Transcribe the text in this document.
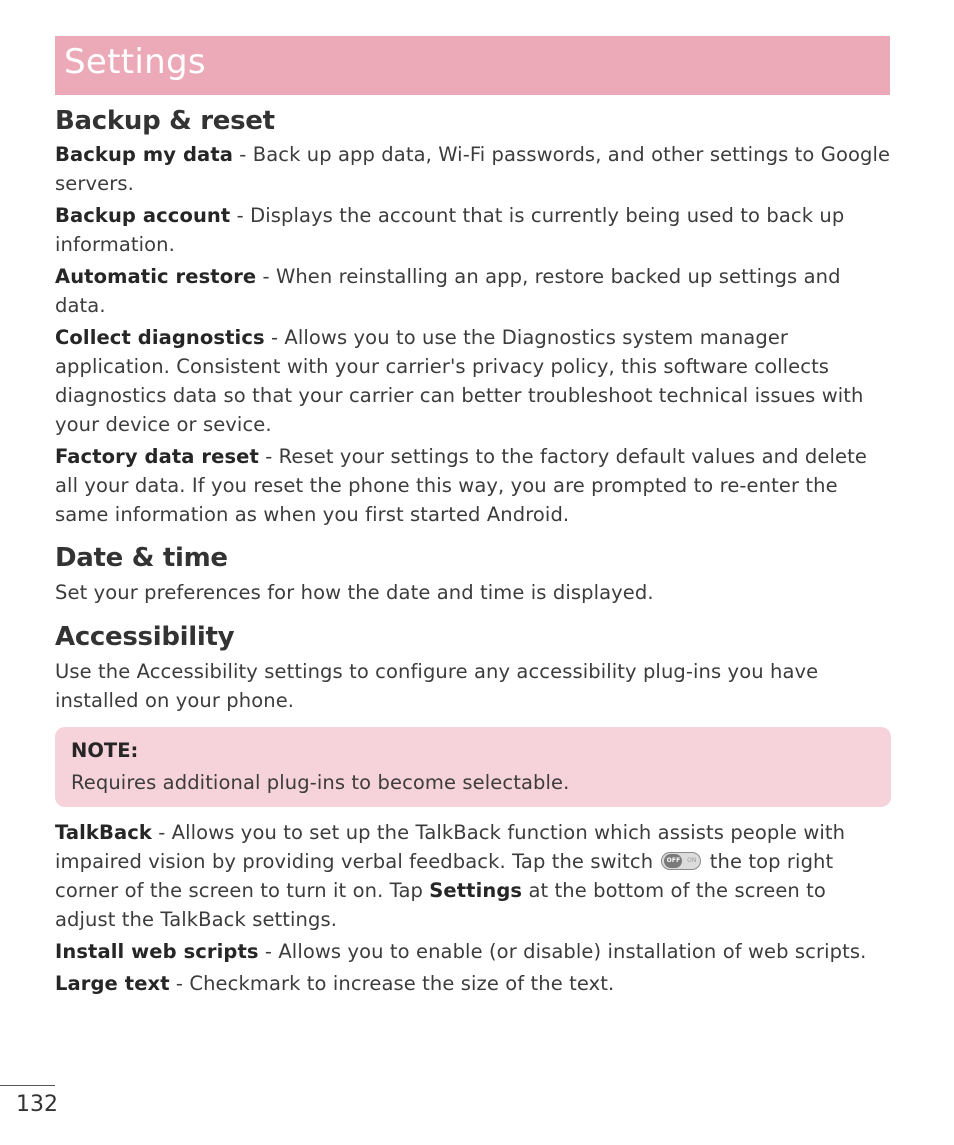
Settings
Backup & reset

Backup my data - Back up app data, Wi-Fi passwords, and other settings to Google servers.

Backup account - Displays the account that is currently being used to back up information.

Automatic restore - When reinstalling an app, restore backed up settings and data.

Collect diagnostics - Allows you to use the Diagnostics system manager application. Consistent with your carrier's privacy policy, this software collects diagnostics data so that your carrier can better troubleshoot technical issues with your device or sevice.

Factory data reset - Reset your settings to the factory default values and delete all your data. If you reset the phone this way, you are prompted to re-enter the same information as when you first started Android.

Date & time

Set your preferences for how the date and time is displayed.

Accessibility

Use the Accessibility settings to configure any accessibility plug-ins you have installed on your phone.

NOTE:
Requires additional plug-ins to become selectable.

TalkBack - Allows you to set up the TalkBack function which assists people with impaired vision by providing verbal feedback. Tap the switch	OFF	ON the top right corner of the screen to turn it on. Tap Settings at the bottom of the screen to adjust the TalkBack settings.

Install web scripts - Allows you to enable (or disable) installation of web scripts.

Large text - Checkmark to increase the size of the text.

132
